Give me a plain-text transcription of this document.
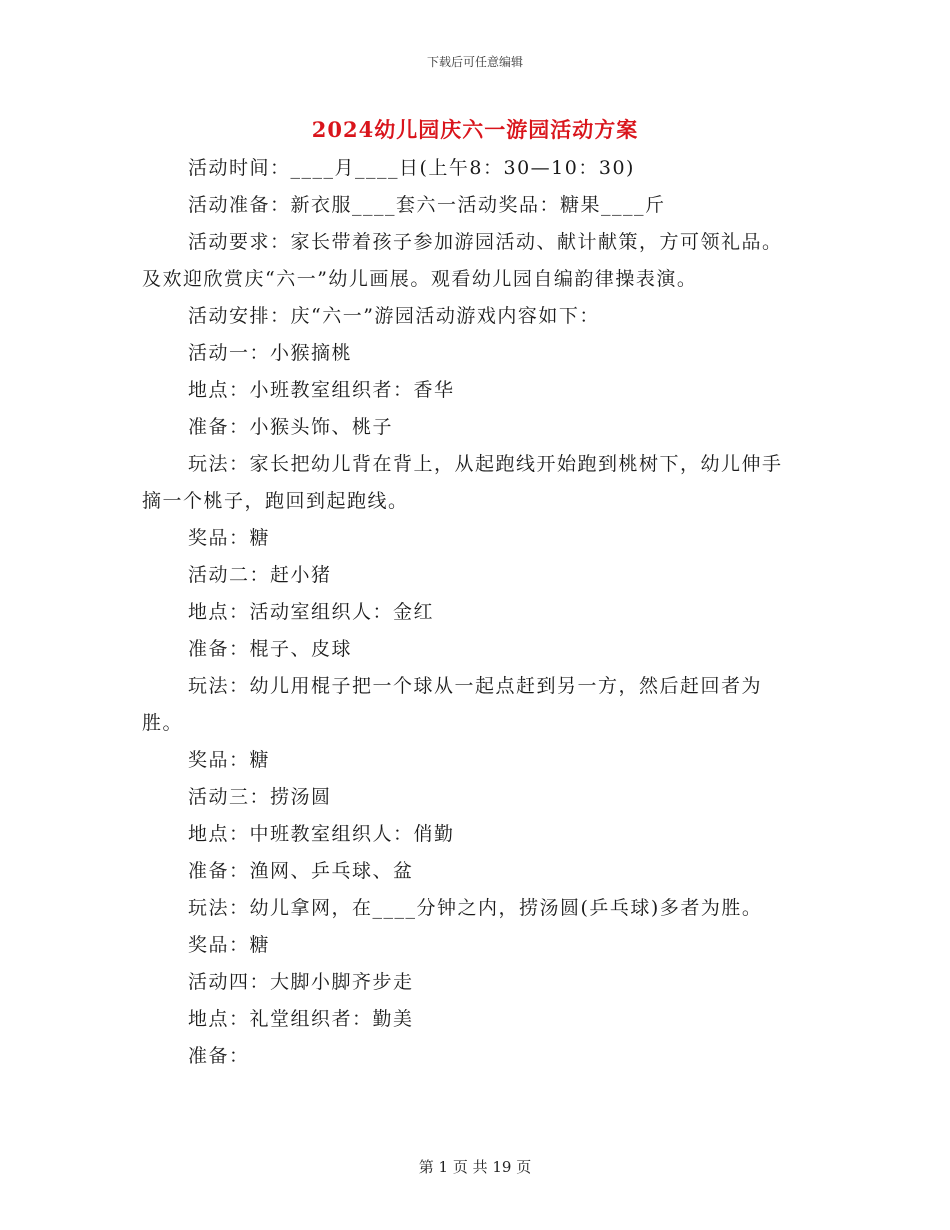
下载后可任意编辑
2024幼儿园庆六一游园活动方案

活动时间：____月____日(上午8：30—10：30)

活动准备：新衣服____套六一活动奖品：糖果____斤

活动要求：家长带着孩子参加游园活动、献计献策，方可领礼品。及欢迎欣赏庆“六一”幼儿画展。观看幼儿园自编韵律操表演。

活动安排：庆“六一”游园活动游戏内容如下：

活动一：小猴摘桃

地点：小班教室组织者：香华

准备：小猴头饰、桃子

玩法：家长把幼儿背在背上，从起跑线开始跑到桃树下，幼儿伸手摘一个桃子，跑回到起跑线。

奖品：糖

活动二：赶小猪

地点：活动室组织人：金红

准备：棍子、皮球

玩法：幼儿用棍子把一个球从一起点赶到另一方，然后赶回者为胜。

奖品：糖

活动三：捞汤圆

地点：中班教室组织人：俏勤

准备：渔网、乒乓球、盆

玩法：幼儿拿网，在____分钟之内，捞汤圆(乒乓球)多者为胜。

奖品：糖

活动四：大脚小脚齐步走

地点：礼堂组织者：勤美

准备：

第 1 页 共 19 页
